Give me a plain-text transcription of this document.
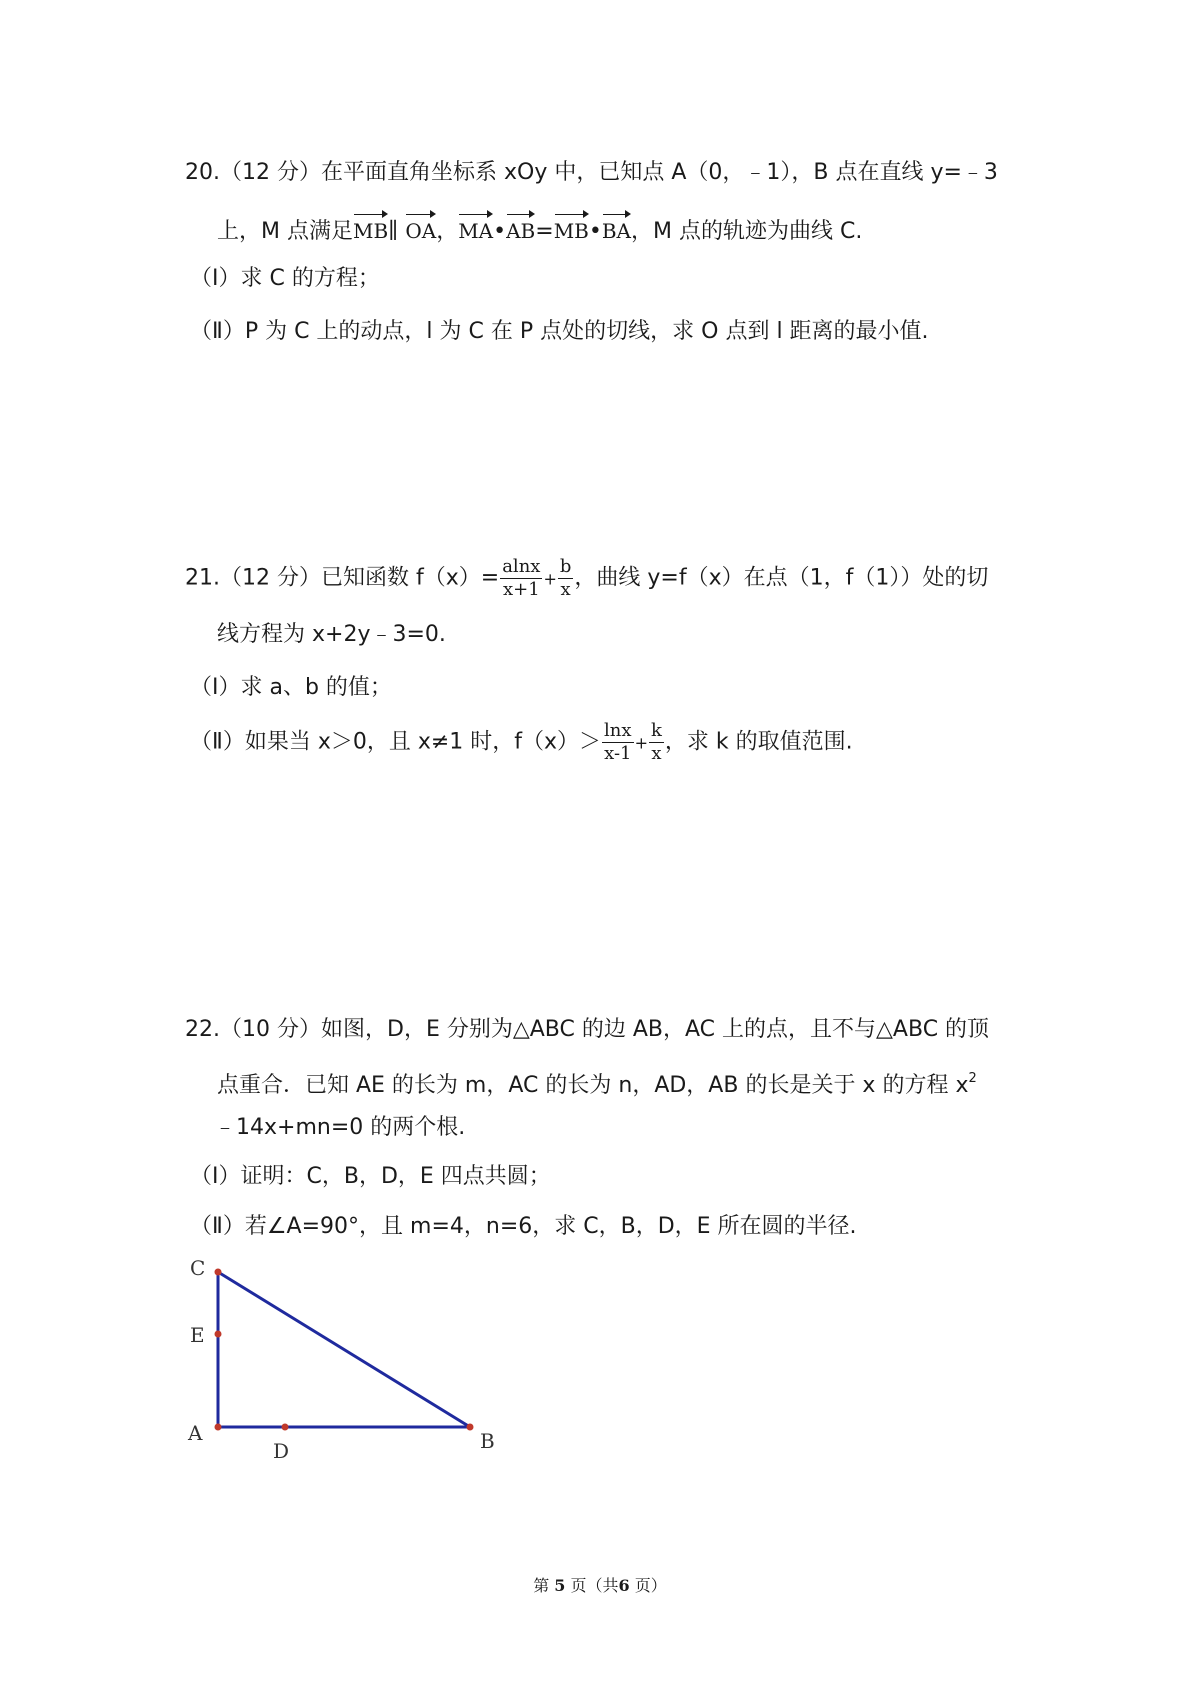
20.（12 分）在平面直角坐标系 xOy 中，已知点 A（0，﹣1），B 点在直线 y=﹣3
上，M 点满足MB∥ OA，MA•AB=MB•BA，M 点的轨迹为曲线 C.
（Ⅰ）求 C 的方程；
（Ⅱ）P 为 C 上的动点，l 为 C 在 P 点处的切线，求 O 点到 l 距离的最小值.
21.（12 分）已知函数 $f(x)= \frac{alnx}{x+1} + \frac{b}{x}$ ，曲线 y=f（x）在点（1，f（1））处的切
线方程为 x+2y﹣3=0.
（Ⅰ）求 a、b 的值；
（Ⅱ）如果当 x＞0，且 x≠1 时，$f(x)> \frac{\ln x}{x-1} + \frac{k}{x}$ ，求 k 的取值范围.
22.（10 分）如图，D，E 分别为△ABC 的边 AB，AC 上的点，且不与△ABC 的顶
点重合．已知 AE 的长为 m，AC 的长为 n，AD，AB 的长是关于 x 的方程 $x^2$
﹣14x+mn=0 的两个根.
（Ⅰ）证明：C，B，D，E 四点共圆；
（Ⅱ）若∠A=90°，且 m=4，n=6，求 C，B，D，E 所在圆的半径.
C
E
A
D	B
第 5 页（共6 页）
